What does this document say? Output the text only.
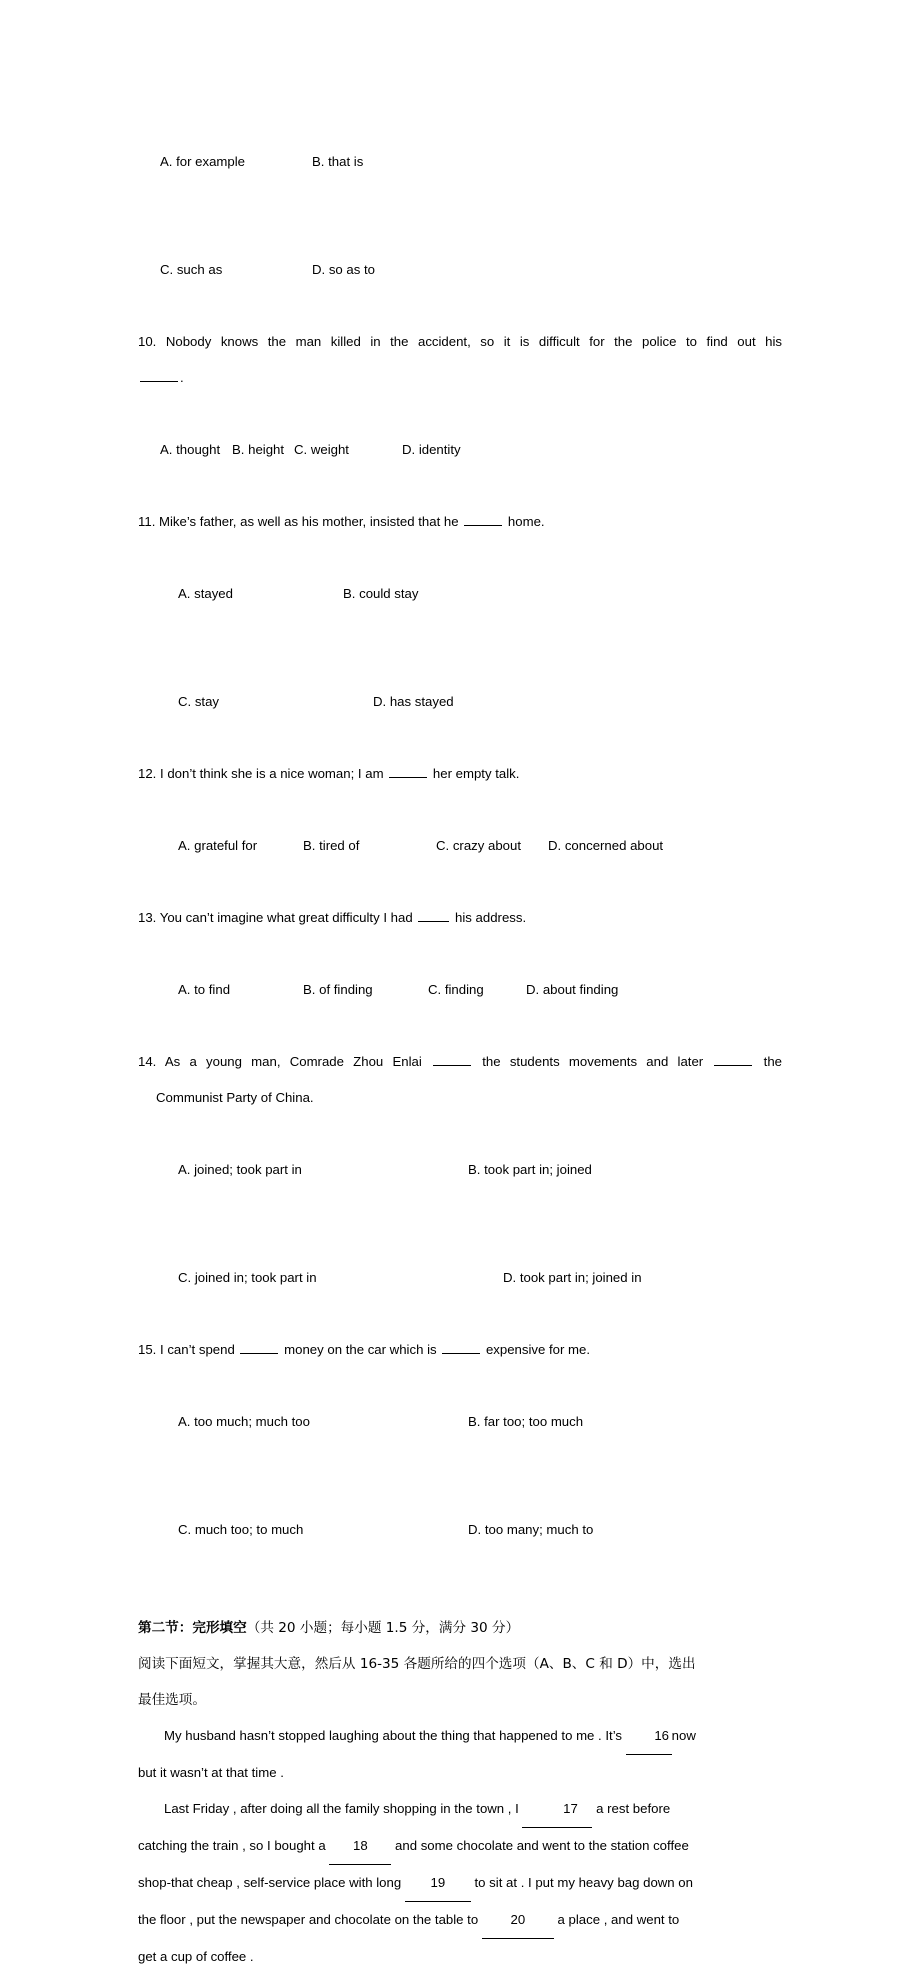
A. for example	B. that is

C. such as	D. so as to

10. Nobody knows the man killed in the accident, so it is difficult for the police to find out his
.

A. thought B. height C. weight	D. identity

11. Mike’s father, as well as his mother, insisted that he	home.

A. stayed	B. could stay

C. stay	D. has stayed

12. I don’t think she is a nice woman; I am	her empty talk.

A. grateful for	B. tired of	C. crazy about D. concerned about

13. You can’t imagine what great difficulty I had	his address.

A. to find	B. of finding	C. finding	D. about finding

14. As a young man, Comrade Zhou Enlai	the students movements and later	the
Communist Party of China.

A. joined; took part in	B. took part in; joined

C. joined in; took part in	D. took part in; joined in

15. I can’t spend	money on the car which is	expensive for me.

A. too much; much too	B. far too; too much

C. much too; to much	D. too many; much to

第二节：完形填空（共 20 小题；每小题 1.5 分，满分 30 分）
阅读下面短文，掌握其大意，然后从 16-35 各题所给的四个选项（A、B、C 和 D）中，选出
最佳选项。
My husband hasn’t stopped laughing about the thing that happened to me . It’s 16 now
but it wasn’t at that time .
Last Friday , after doing all the family shopping in the town , I	17 a rest before
catching the train , so I bought a 18 and some chocolate and went to the station coffee
shop-that cheap , self-service place with long 19 to sit at . I put my heavy bag down on
the floor , put the newspaper and chocolate on the table to 20 a place , and went to
get a cup of coffee .
